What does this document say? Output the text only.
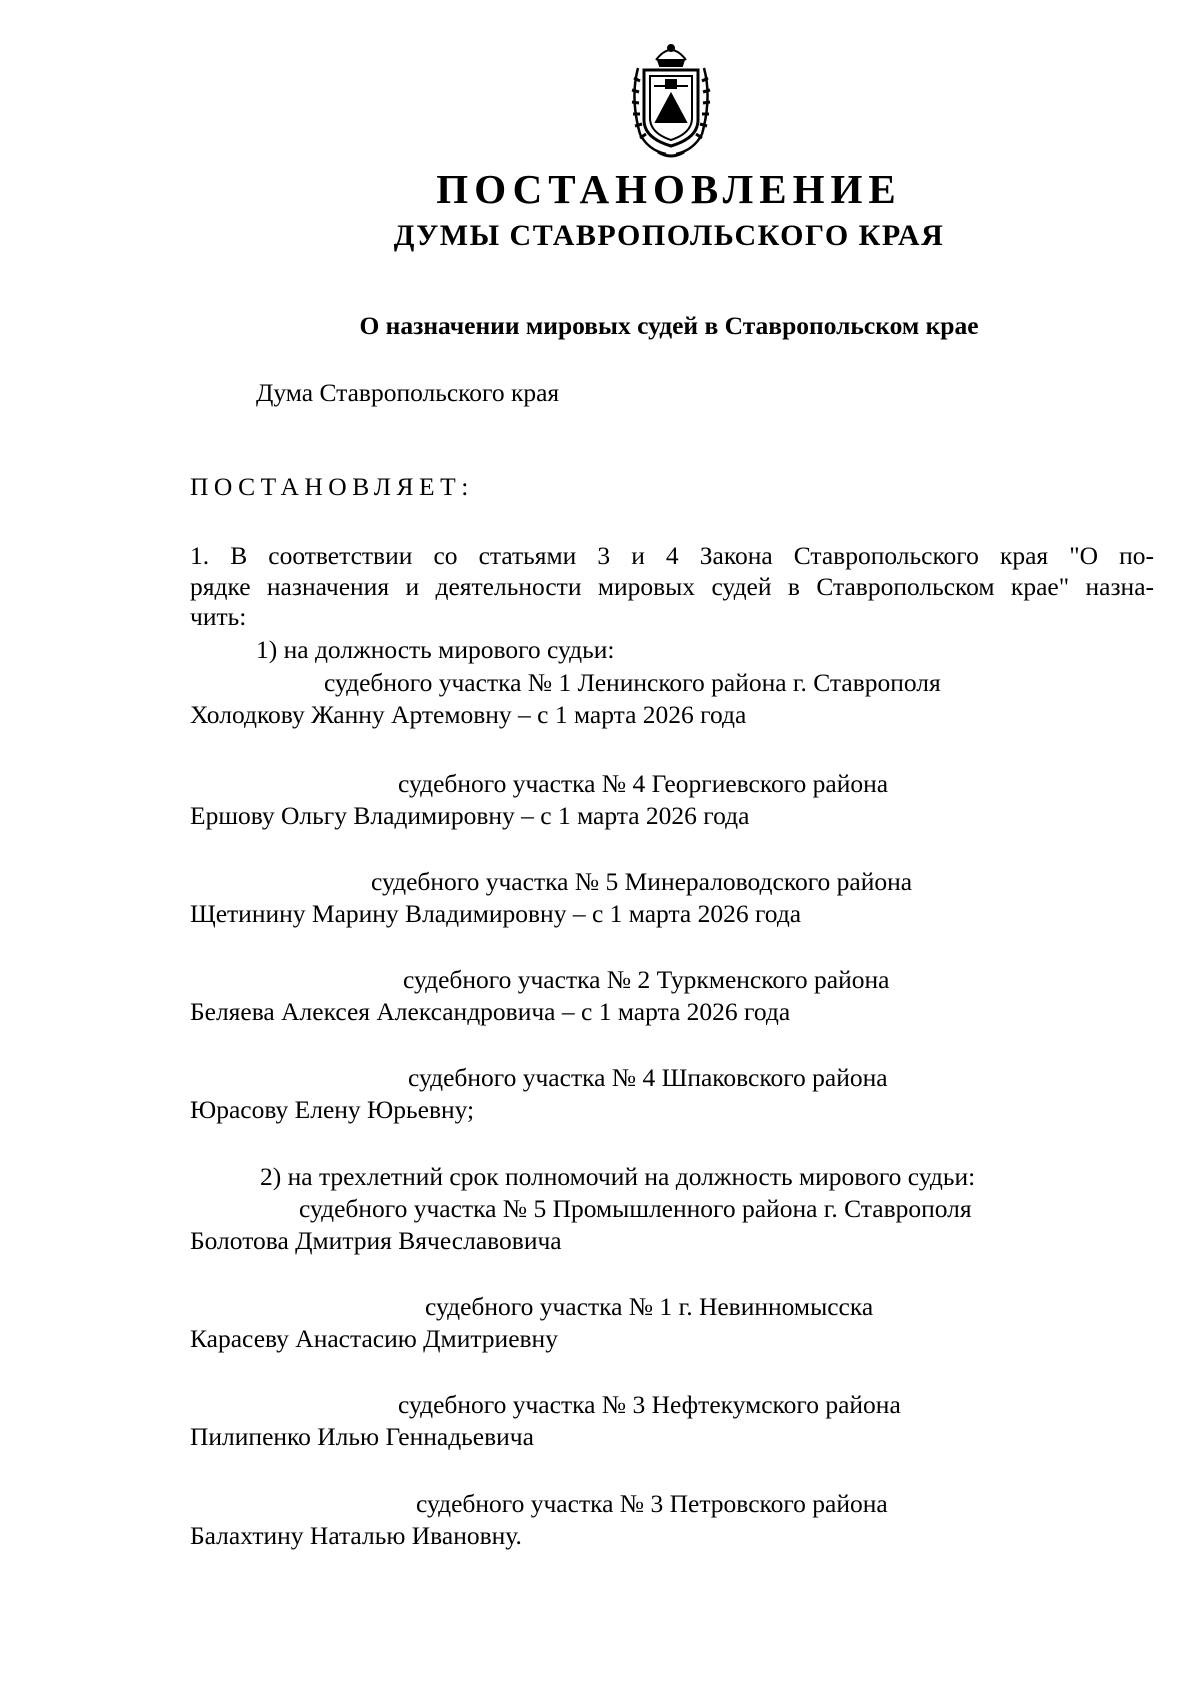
ПОСТАНОВЛЕНИЕ
ДУМЫ СТАВРОПОЛЬСКОГО КРАЯ
О назначении мировых судей в Ставропольском крае
Дума Ставропольского края
ПОСТАНОВЛЯЕТ:
1. В соответствии со статьями 3 и 4 Закона Ставропольского края "О по-
рядке назначения и деятельности мировых судей в Ставропольском крае" назна-
чить:
1) на должность мирового судьи:
судебного участка № 1 Ленинского района г. Ставрополя
Холодкову Жанну Артемовну – с 1 марта 2026 года
судебного участка № 4 Георгиевского района
Ершову Ольгу Владимировну – с 1 марта 2026 года
судебного участка № 5 Минераловодского района
Щетинину Марину Владимировну – с 1 марта 2026 года
судебного участка № 2 Туркменского района
Беляева Алексея Александровича – с 1 марта 2026 года
судебного участка № 4 Шпаковского района
Юрасову Елену Юрьевну;
2) на трехлетний срок полномочий на должность мирового судьи:
судебного участка № 5 Промышленного района г. Ставрополя
Болотова Дмитрия Вячеславовича
судебного участка № 1 г. Невинномысска
Карасеву Анастасию Дмитриевну
судебного участка № 3 Нефтекумского района
Пилипенко Илью Геннадьевича
судебного участка № 3 Петровского района
Балахтину Наталью Ивановну.
